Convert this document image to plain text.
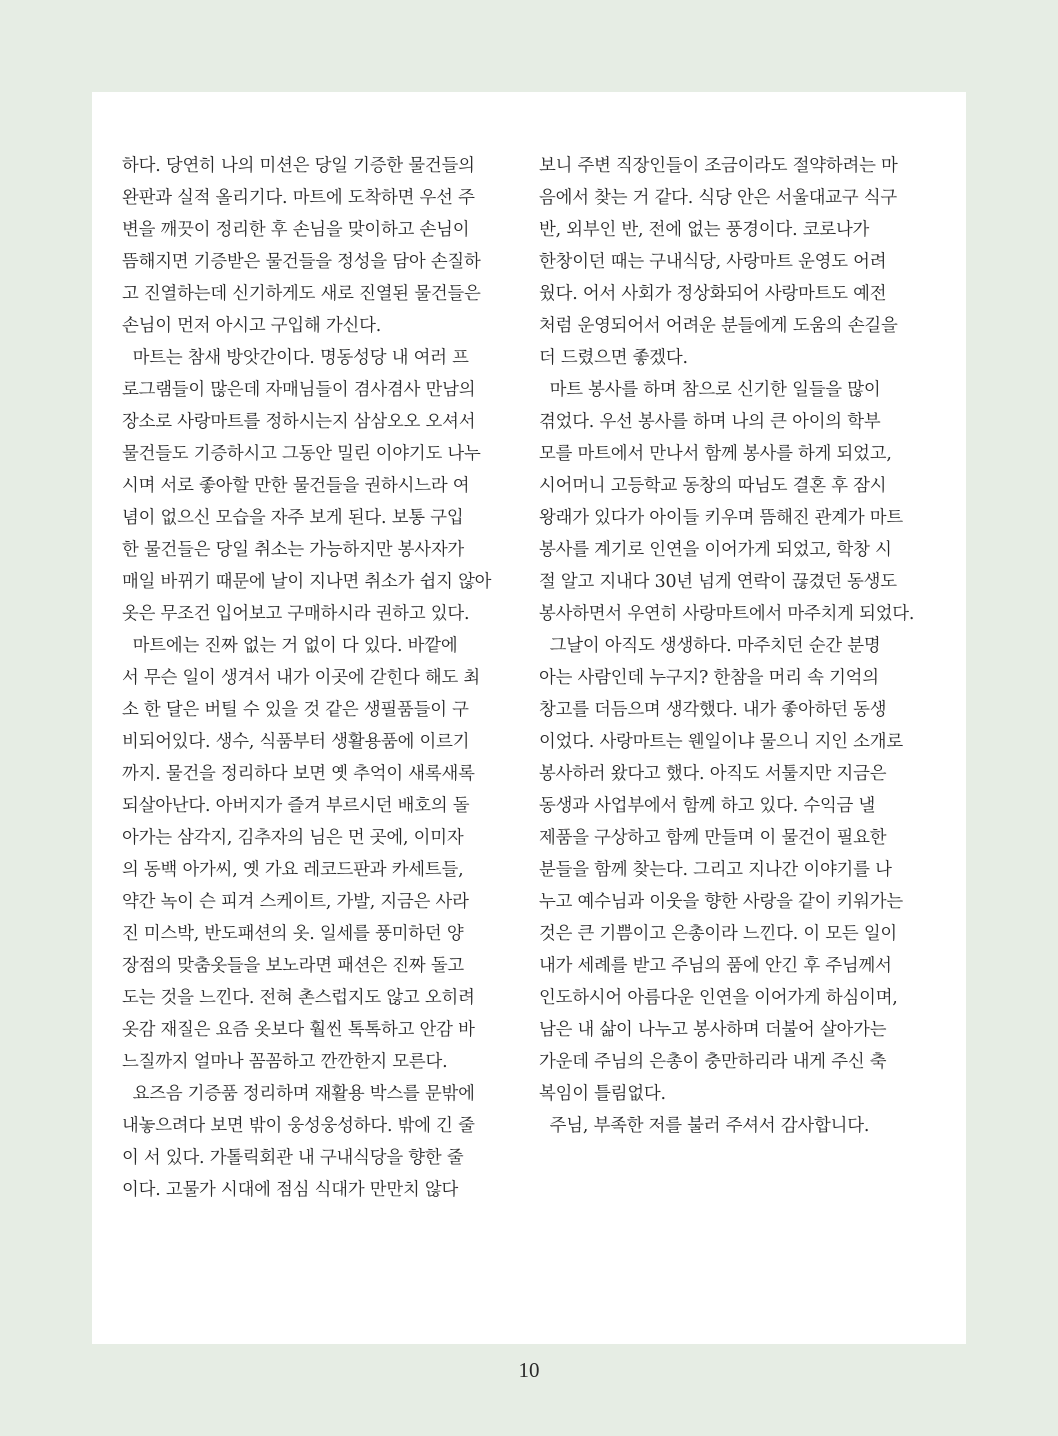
하다. 당연히 나의 미션은 당일 기증한 물건들의
완판과 실적 올리기다. 마트에 도착하면 우선 주
변을 깨끗이 정리한 후 손님을 맞이하고 손님이
뜸해지면 기증받은 물건들을 정성을 담아 손질하
고 진열하는데 신기하게도 새로 진열된 물건들은
손님이 먼저 아시고 구입해 가신다.
마트는 참새 방앗간이다. 명동성당 내 여러 프
로그램들이 많은데 자매님들이 겸사겸사 만남의
장소로 사랑마트를 정하시는지 삼삼오오 오셔서
물건들도 기증하시고 그동안 밀린 이야기도 나누
시며 서로 좋아할 만한 물건들을 권하시느라 여
념이 없으신 모습을 자주 보게 된다. 보통 구입
한 물건들은 당일 취소는 가능하지만 봉사자가
매일 바뀌기 때문에 날이 지나면 취소가 쉽지 않아
옷은 무조건 입어보고 구매하시라 권하고 있다.
마트에는 진짜 없는 거 없이 다 있다. 바깥에
서 무슨 일이 생겨서 내가 이곳에 갇힌다 해도 최
소 한 달은 버틸 수 있을 것 같은 생필품들이 구
비되어있다. 생수, 식품부터 생활용품에 이르기
까지. 물건을 정리하다 보면 옛 추억이 새록새록
되살아난다. 아버지가 즐겨 부르시던 배호의 돌
아가는 삼각지, 김추자의 님은 먼 곳에, 이미자
의 동백 아가씨, 옛 가요 레코드판과 카세트들,
약간 녹이 슨 피겨 스케이트, 가발, 지금은 사라
진 미스박, 반도패션의 옷. 일세를 풍미하던 양
장점의 맞춤옷들을 보노라면 패션은 진짜 돌고
도는 것을 느낀다. 전혀 촌스럽지도 않고 오히려
옷감 재질은 요즘 옷보다 훨씬 톡톡하고 안감 바
느질까지 얼마나 꼼꼼하고 깐깐한지 모른다.
요즈음 기증품 정리하며 재활용 박스를 문밖에
내놓으려다 보면 밖이 웅성웅성하다. 밖에 긴 줄
이 서 있다. 가톨릭회관 내 구내식당을 향한 줄
이다. 고물가 시대에 점심 식대가 만만치 않다
보니 주변 직장인들이 조금이라도 절약하려는 마
음에서 찾는 거 같다. 식당 안은 서울대교구 식구
반, 외부인 반, 전에 없는 풍경이다. 코로나가
한창이던 때는 구내식당, 사랑마트 운영도 어려
웠다. 어서 사회가 정상화되어 사랑마트도 예전
처럼 운영되어서 어려운 분들에게 도움의 손길을
더 드렸으면 좋겠다.
마트 봉사를 하며 참으로 신기한 일들을 많이
겪었다. 우선 봉사를 하며 나의 큰 아이의 학부
모를 마트에서 만나서 함께 봉사를 하게 되었고,
시어머니 고등학교 동창의 따님도 결혼 후 잠시
왕래가 있다가 아이들 키우며 뜸해진 관계가 마트
봉사를 계기로 인연을 이어가게 되었고, 학창 시
절 알고 지내다 30년 넘게 연락이 끊겼던 동생도
봉사하면서 우연히 사랑마트에서 마주치게 되었다.
그날이 아직도 생생하다. 마주치던 순간 분명
아는 사람인데 누구지? 한참을 머리 속 기억의
창고를 더듬으며 생각했다. 내가 좋아하던 동생
이었다. 사랑마트는 웬일이냐 물으니 지인 소개로
봉사하러 왔다고 했다. 아직도 서툴지만 지금은
동생과 사업부에서 함께 하고 있다. 수익금 낼
제품을 구상하고 함께 만들며 이 물건이 필요한
분들을 함께 찾는다. 그리고 지나간 이야기를 나
누고 예수님과 이웃을 향한 사랑을 같이 키워가는
것은 큰 기쁨이고 은총이라 느낀다. 이 모든 일이
내가 세례를 받고 주님의 품에 안긴 후 주님께서
인도하시어 아름다운 인연을 이어가게 하심이며,
남은 내 삶이 나누고 봉사하며 더불어 살아가는
가운데 주님의 은총이 충만하리라 내게 주신 축
복임이 틀림없다.
주님, 부족한 저를 불러 주셔서 감사합니다.
10
